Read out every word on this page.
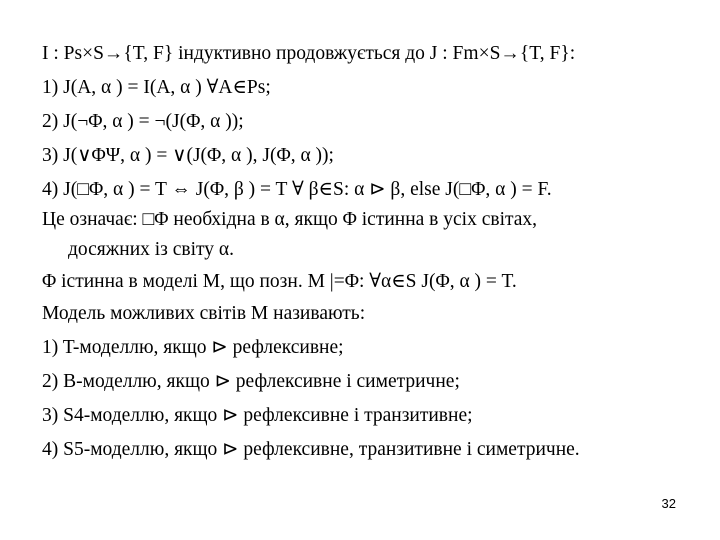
I : Ps×S→{T, F} індуктивно продовжується до J : Fm×S→{T, F}:
1) J(A, α ) = I(A, α ) ∀A∈Ps;
2) J(¬Φ, α ) = ¬(J(Φ, α ));
3) J(∨ΦΨ, α ) = ∨(J(Φ, α ), J(Φ, α ));
4) J(□Φ, α ) = T ⇔ J(Φ, β ) = T ∀ β∈S: α ⊳ β, else J(□Φ, α ) = F.
Це означає: □Φ необхідна в α, якщо Φ істинна в усіх світах,
досяжних із світу α.
Φ істинна в моделі M, що позн. M |=Φ: ∀α∈S J(Φ, α ) = T.
Модель можливих світів M називають:
1) T-моделлю, якщо ⊳ рефлексивне;
2) B-моделлю, якщо ⊳ рефлексивне і симетричне;
3) S4-моделлю, якщо ⊳ рефлексивне і транзитивне;
4) S5-моделлю, якщо ⊳ рефлексивне, транзитивне і симетричне.
32
